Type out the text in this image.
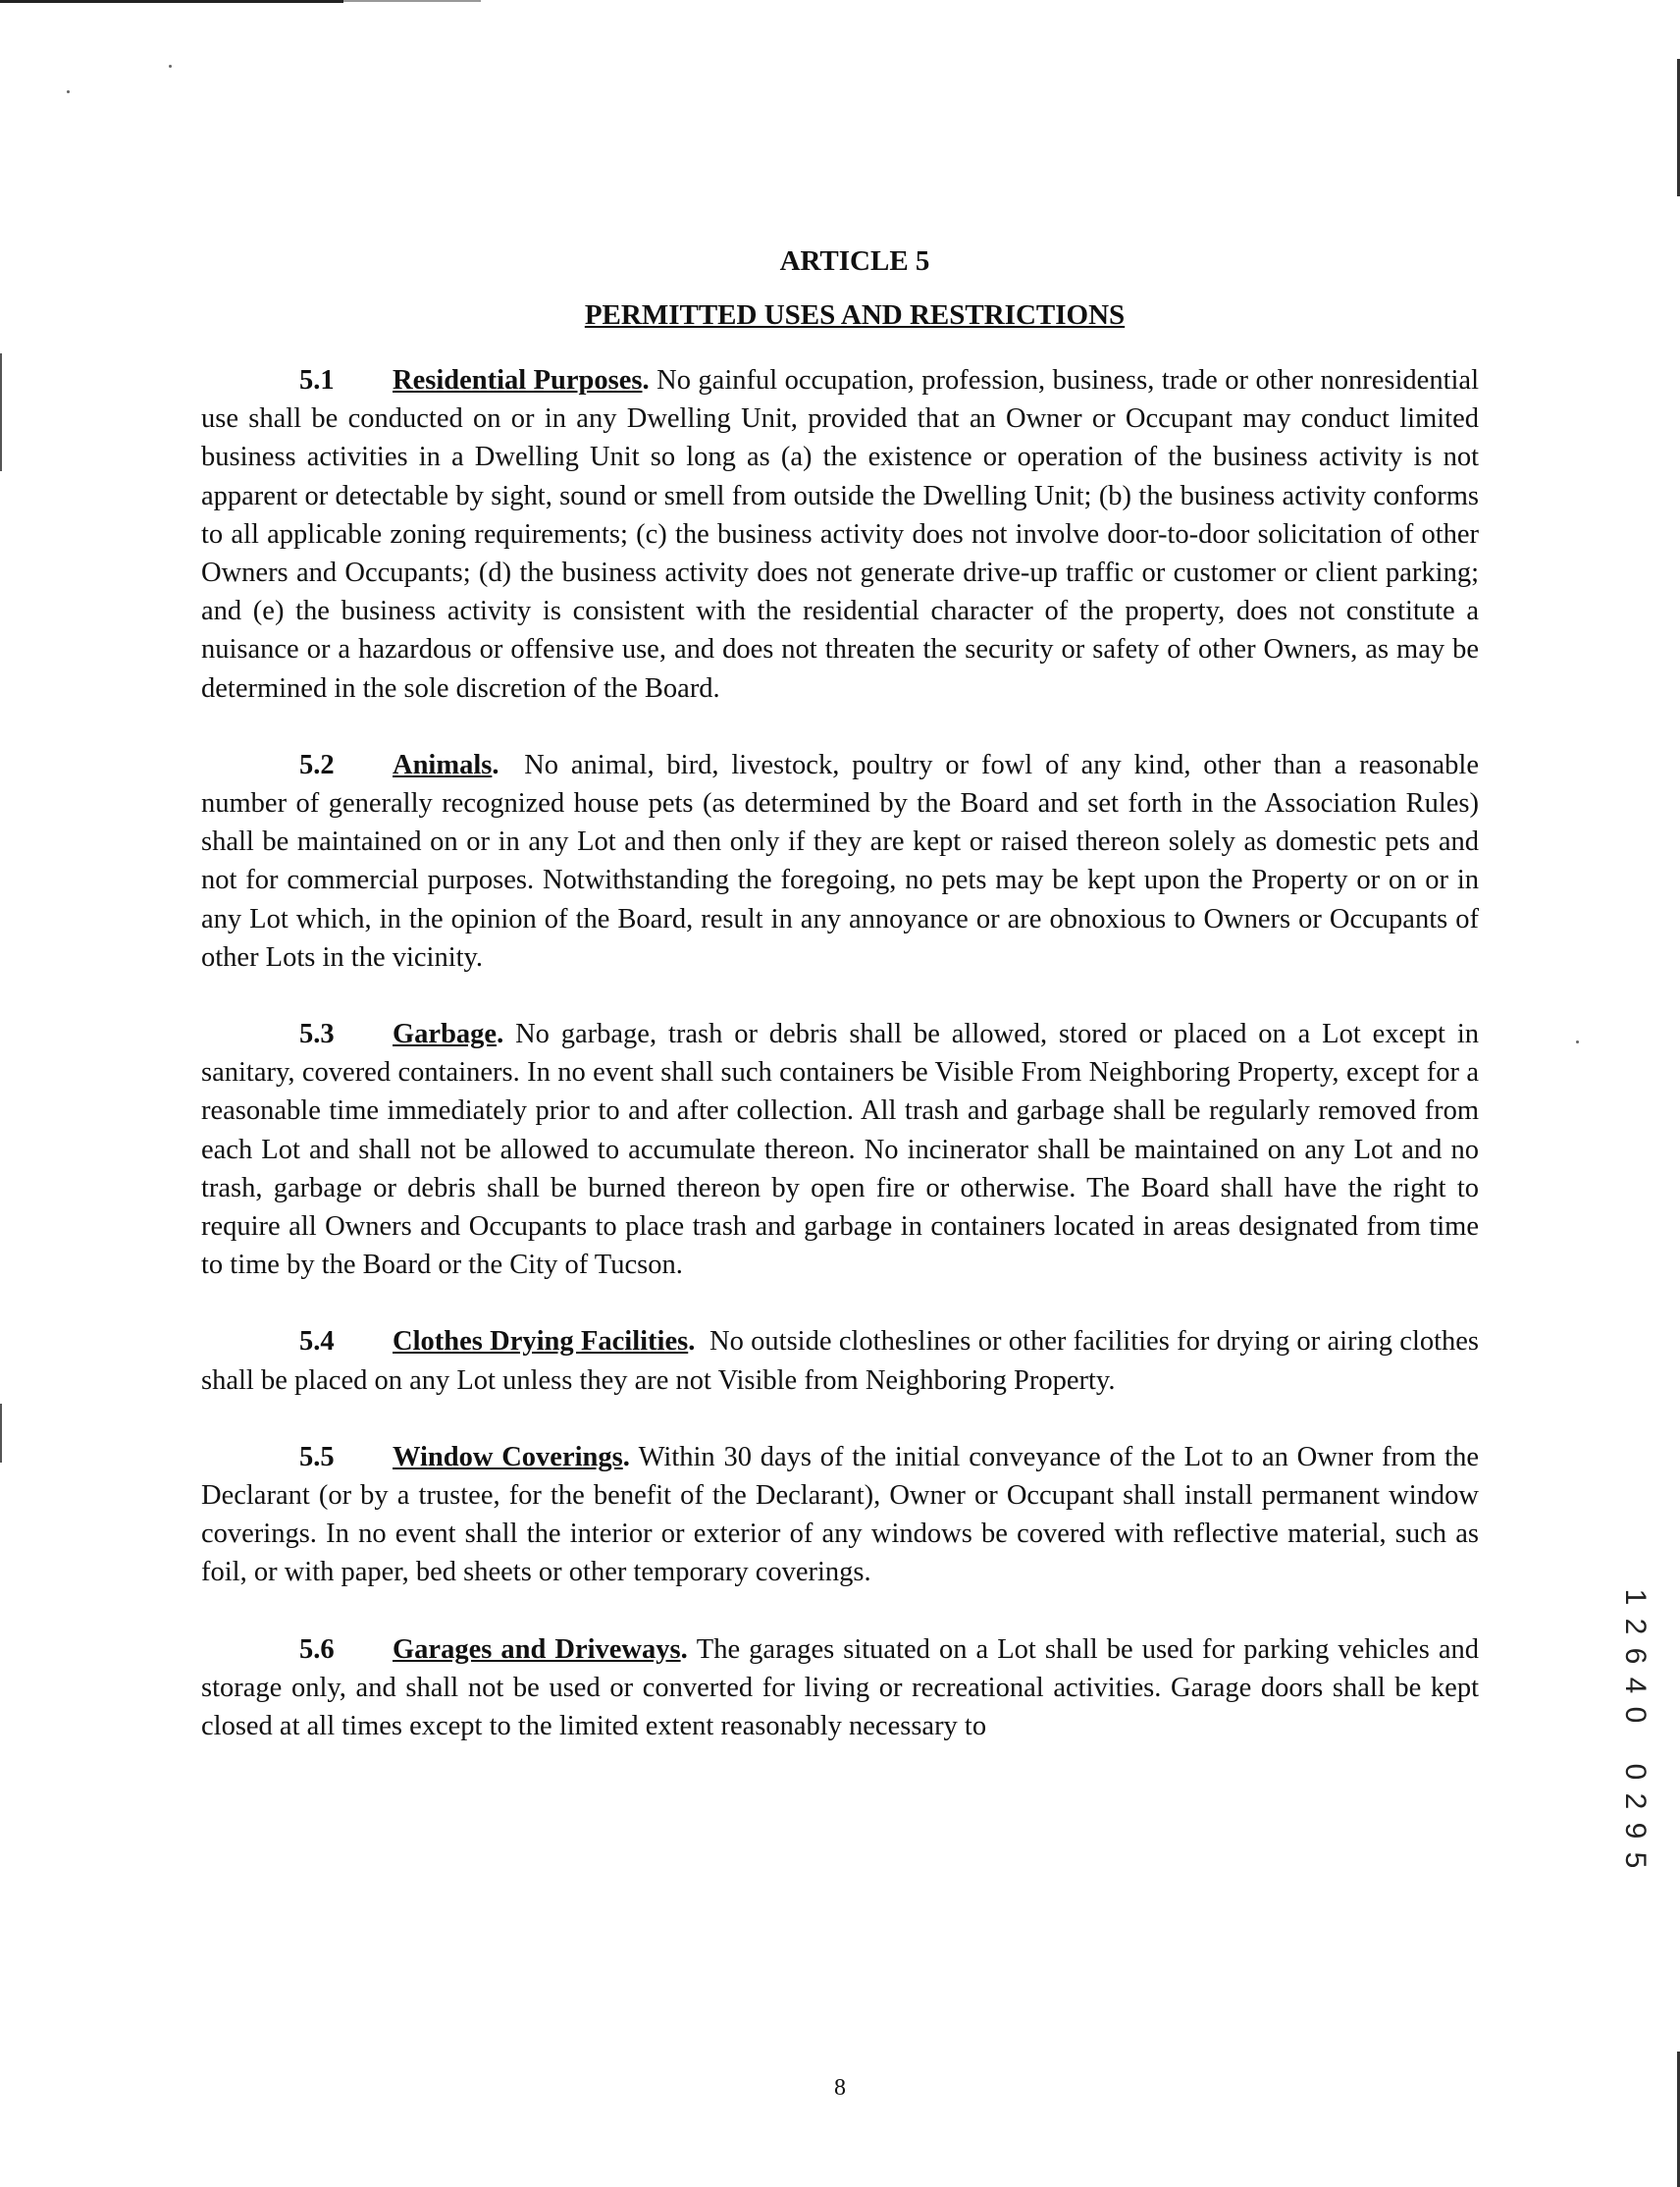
ARTICLE 5
PERMITTED USES AND RESTRICTIONS
5.1 Residential Purposes. No gainful occupation, profession, business, trade or other nonresidential use shall be conducted on or in any Dwelling Unit, provided that an Owner or Occupant may conduct limited business activities in a Dwelling Unit so long as (a) the existence or operation of the business activity is not apparent or detectable by sight, sound or smell from outside the Dwelling Unit; (b) the business activity conforms to all applicable zoning requirements; (c) the business activity does not involve door-to-door solicitation of other Owners and Occupants; (d) the business activity does not generate drive-up traffic or customer or client parking; and (e) the business activity is consistent with the residential character of the property, does not constitute a nuisance or a hazardous or offensive use, and does not threaten the security or safety of other Owners, as may be determined in the sole discretion of the Board.
5.2 Animals. No animal, bird, livestock, poultry or fowl of any kind, other than a reasonable number of generally recognized house pets (as determined by the Board and set forth in the Association Rules) shall be maintained on or in any Lot and then only if they are kept or raised thereon solely as domestic pets and not for commercial purposes. Notwithstanding the foregoing, no pets may be kept upon the Property or on or in any Lot which, in the opinion of the Board, result in any annoyance or are obnoxious to Owners or Occupants of other Lots in the vicinity.
5.3 Garbage. No garbage, trash or debris shall be allowed, stored or placed on a Lot except in sanitary, covered containers. In no event shall such containers be Visible From Neighboring Property, except for a reasonable time immediately prior to and after collection. All trash and garbage shall be regularly removed from each Lot and shall not be allowed to accumulate thereon. No incinerator shall be maintained on any Lot and no trash, garbage or debris shall be burned thereon by open fire or otherwise. The Board shall have the right to require all Owners and Occupants to place trash and garbage in containers located in areas designated from time to time by the Board or the City of Tucson.
5.4 Clothes Drying Facilities. No outside clotheslines or other facilities for drying or airing clothes shall be placed on any Lot unless they are not Visible from Neighboring Property.
5.5 Window Coverings. Within 30 days of the initial conveyance of the Lot to an Owner from the Declarant (or by a trustee, for the benefit of the Declarant), Owner or Occupant shall install permanent window coverings. In no event shall the interior or exterior of any windows be covered with reflective material, such as foil, or with paper, bed sheets or other temporary coverings.
5.6 Garages and Driveways. The garages situated on a Lot shall be used for parking vehicles and storage only, and shall not be used or converted for living or recreational activities. Garage doors shall be kept closed at all times except to the limited extent reasonably necessary to
1
2
6
4
0
0
2
9
5
8
